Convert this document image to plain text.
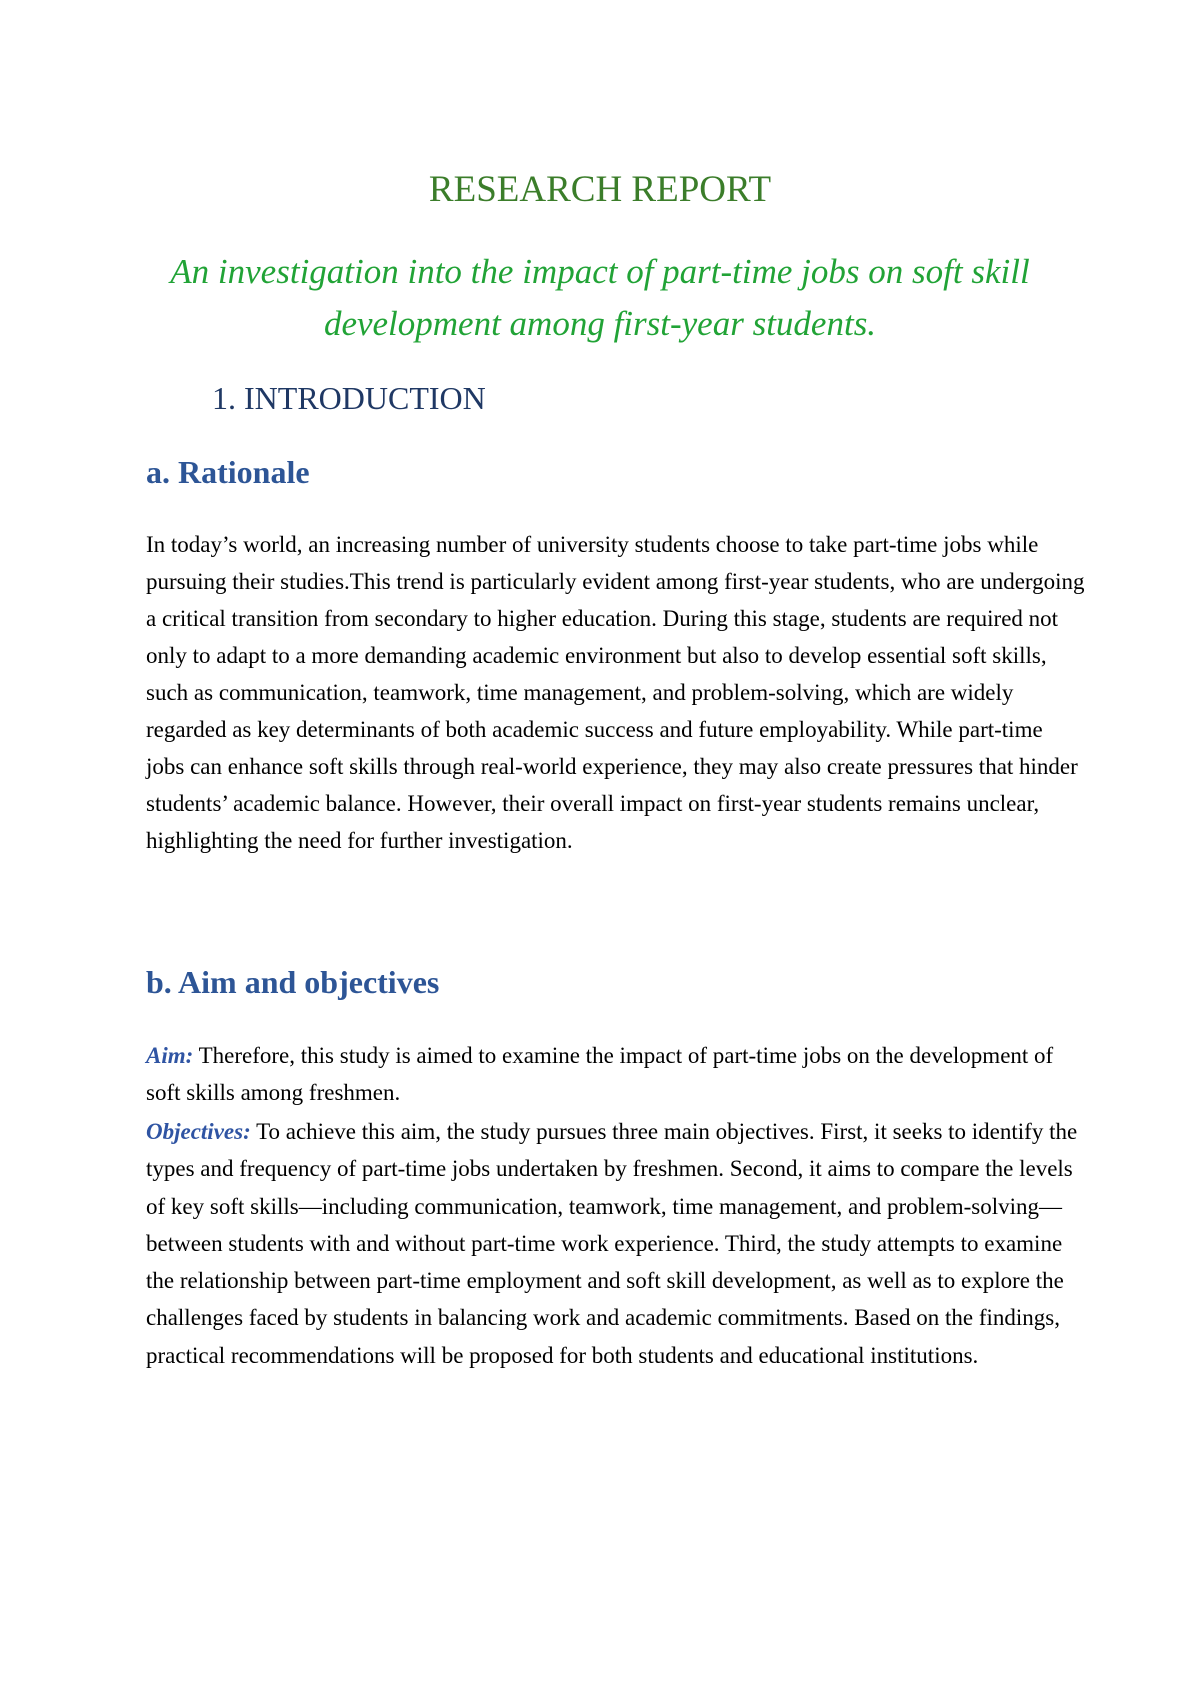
RESEARCH REPORT

An investigation into the impact of part-time jobs on soft skill development among first-year students.

1. INTRODUCTION
a. Rationale

In today’s world, an increasing number of university students choose to take part-time jobs while pursuing their studies.This trend is particularly evident among first-year students, who are undergoing a critical transition from secondary to higher education. During this stage, students are required not only to adapt to a more demanding academic environment but also to develop essential soft skills, such as communication, teamwork, time management, and problem-solving, which are widely regarded as key determinants of both academic success and future employability. While part-time jobs can enhance soft skills through real-world experience, they may also create pressures that hinder students’ academic balance. However, their overall impact on first-year students remains unclear, highlighting the need for further investigation.

b. Aim and objectives

Aim: Therefore, this study is aimed to examine the impact of part-time jobs on the development of soft skills among freshmen.

Objectives: To achieve this aim, the study pursues three main objectives. First, it seeks to identify the types and frequency of part-time jobs undertaken by freshmen. Second, it aims to compare the levels of key soft skills—including communication, teamwork, time management, and problem-solving—between students with and without part-time work experience. Third, the study attempts to examine the relationship between part-time employment and soft skill development, as well as to explore the challenges faced by students in balancing work and academic commitments. Based on the findings, practical recommendations will be proposed for both students and educational institutions.
